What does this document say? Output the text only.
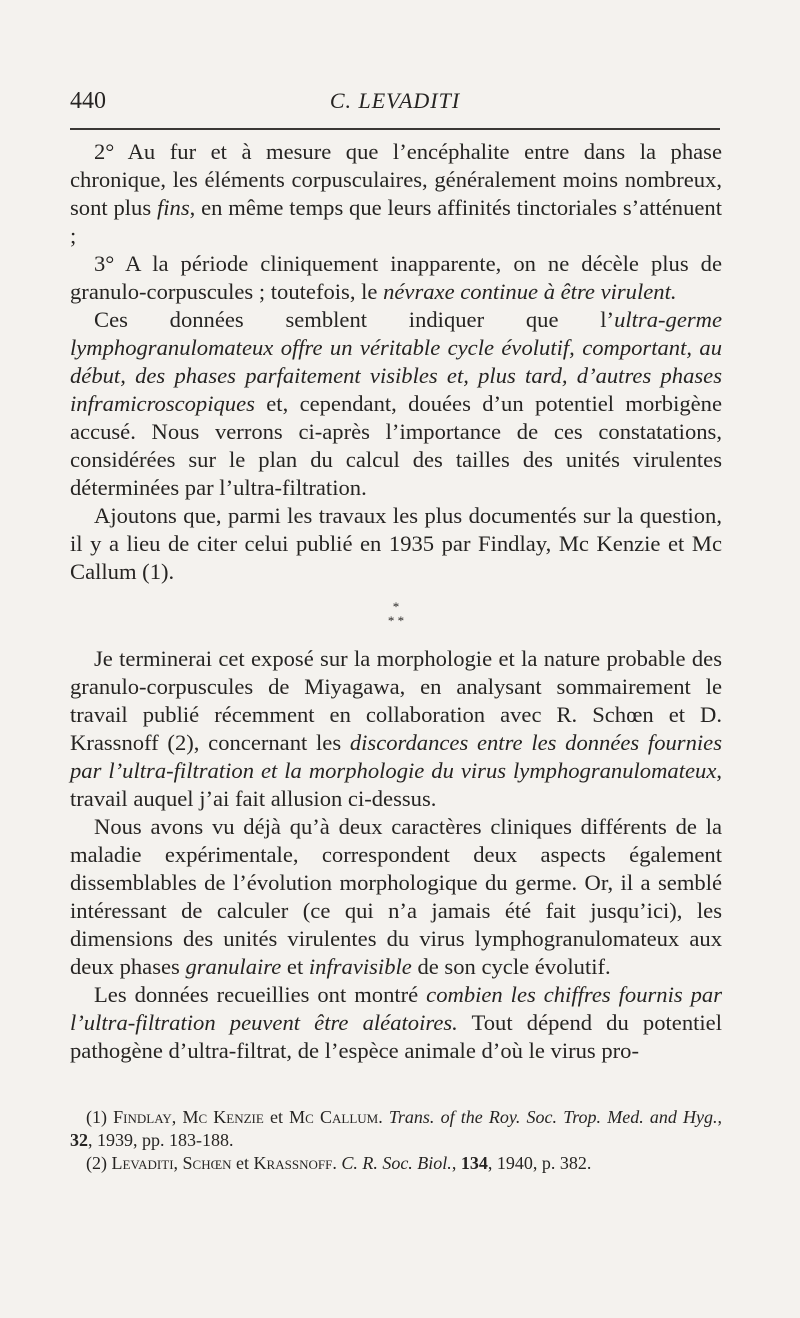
440	C. LEVADITI

2° Au fur et à mesure que l’encéphalite entre dans la phase chronique, les éléments corpusculaires, généralement moins nombreux, sont plus fins, en même temps que leurs affinités tinctoriales s’atténuent ;

3° A la période cliniquement inapparente, on ne décèle plus de granulo-corpuscules ; toutefois, le névraxe continue à être virulent.

Ces données semblent indiquer que l’ultra-germe lymphogranulomateux offre un véritable cycle évolutif, comportant, au début, des phases parfaitement visibles et, plus tard, d’autres phases inframicroscopiques et, cependant, douées d’un potentiel morbigène accusé. Nous verrons ci-après l’importance de ces constatations, considérées sur le plan du calcul des tailles des unités virulentes déterminées par l’ultra-filtration.

Ajoutons que, parmi les travaux les plus documentés sur la question, il y a lieu de citer celui publié en 1935 par Findlay, Mc Kenzie et Mc Callum (1).

*
* *

Je terminerai cet exposé sur la morphologie et la nature probable des granulo-corpuscules de Miyagawa, en analysant sommairement le travail publié récemment en collaboration avec R. Schœn et D. Krassnoff (2), concernant les discordances entre les données fournies par l’ultra-filtration et la morphologie du virus lymphogranulomateux, travail auquel j’ai fait allusion ci-dessus.

Nous avons vu déjà qu’à deux caractères cliniques différents de la maladie expérimentale, correspondent deux aspects également dissemblables de l’évolution morphologique du germe. Or, il a semblé intéressant de calculer (ce qui n’a jamais été fait jusqu’ici), les dimensions des unités virulentes du virus lymphogranulomateux aux deux phases granulaire et infravisible de son cycle évolutif.

Les données recueillies ont montré combien les chiffres fournis par l’ultra-filtration peuvent être aléatoires. Tout dépend du potentiel pathogène d’ultra-filtrat, de l’espèce animale d’où le virus pro-

(1) Findlay, Mc Kenzie et Mc Callum. Trans. of the Roy. Soc. Trop. Med. and Hyg., 32, 1939, pp. 183-188.

(2) Levaditi, Schœn et Krassnoff. C. R. Soc. Biol., 134, 1940, p. 382.
